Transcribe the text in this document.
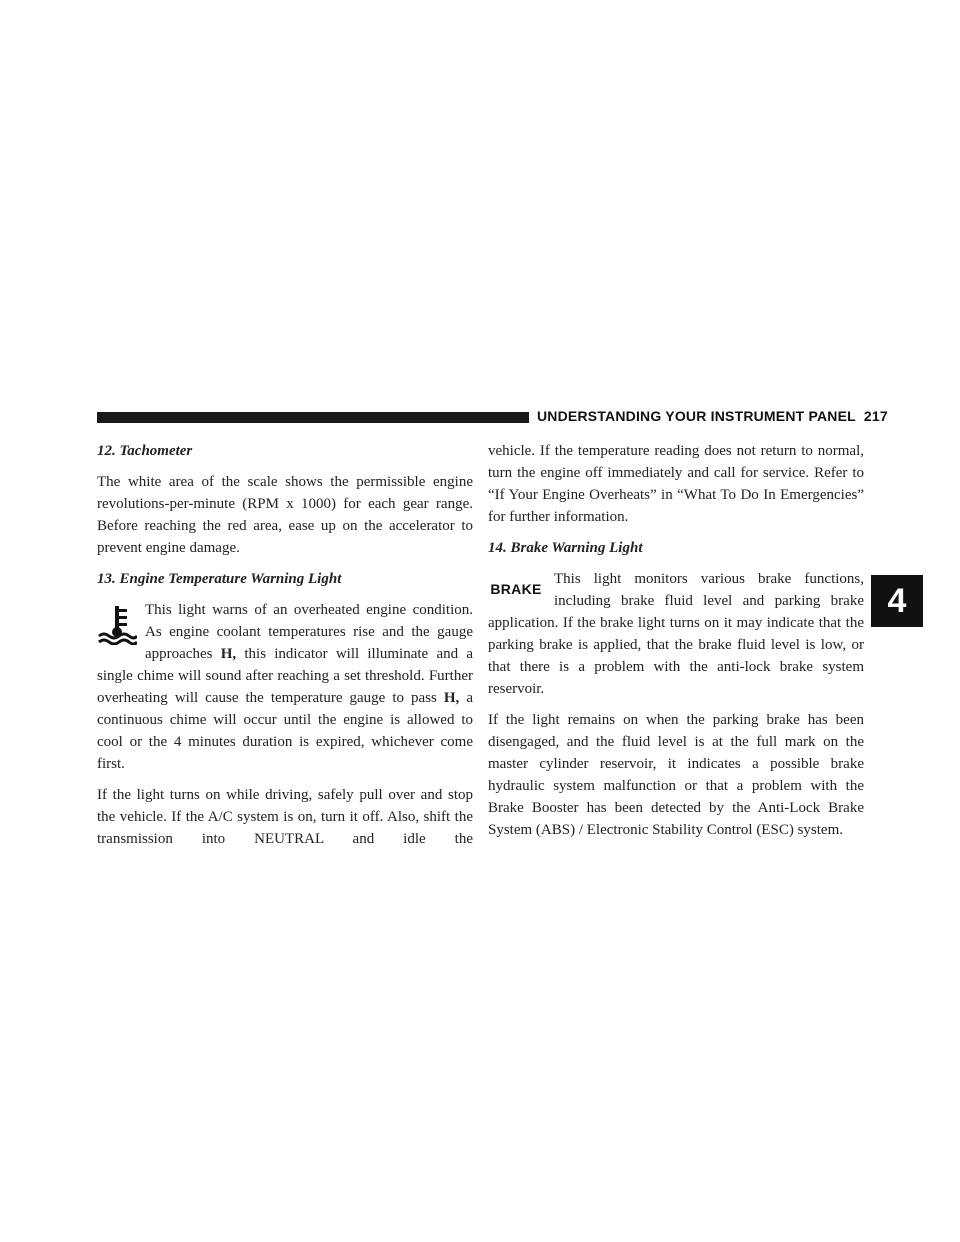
UNDERSTANDING YOUR INSTRUMENT PANEL 217
4

12. Tachometer

The white area of the scale shows the permissible engine revolutions-per-minute (RPM x 1000) for each gear range. Before reaching the red area, ease up on the accelerator to prevent engine damage.

13. Engine Temperature Warning Light

This light warns of an overheated engine condition. As engine coolant temperatures rise and the gauge approaches H, this indicator will illuminate and a single chime will sound after reaching a set threshold. Further overheating will cause the temperature gauge to pass H, a continuous chime will occur until the engine is allowed to cool or the 4 minutes duration is expired, whichever come first.

If the light turns on while driving, safely pull over and stop the vehicle. If the A/C system is on, turn it off. Also, shift the transmission into NEUTRAL and idle the

vehicle. If the temperature reading does not return to normal, turn the engine off immediately and call for service. Refer to “If Your Engine Overheats” in “What To Do In Emergencies” for further information.

14. Brake Warning Light

BRAKE
This light monitors various brake functions, including brake fluid level and parking brake application. If the brake light turns on it may indicate that the parking brake is applied, that the brake fluid level is low, or that there is a problem with the anti-lock brake system reservoir.

If the light remains on when the parking brake has been disengaged, and the fluid level is at the full mark on the master cylinder reservoir, it indicates a possible brake hydraulic system malfunction or that a problem with the Brake Booster has been detected by the Anti-Lock Brake System (ABS) / Electronic Stability Control (ESC) system.
